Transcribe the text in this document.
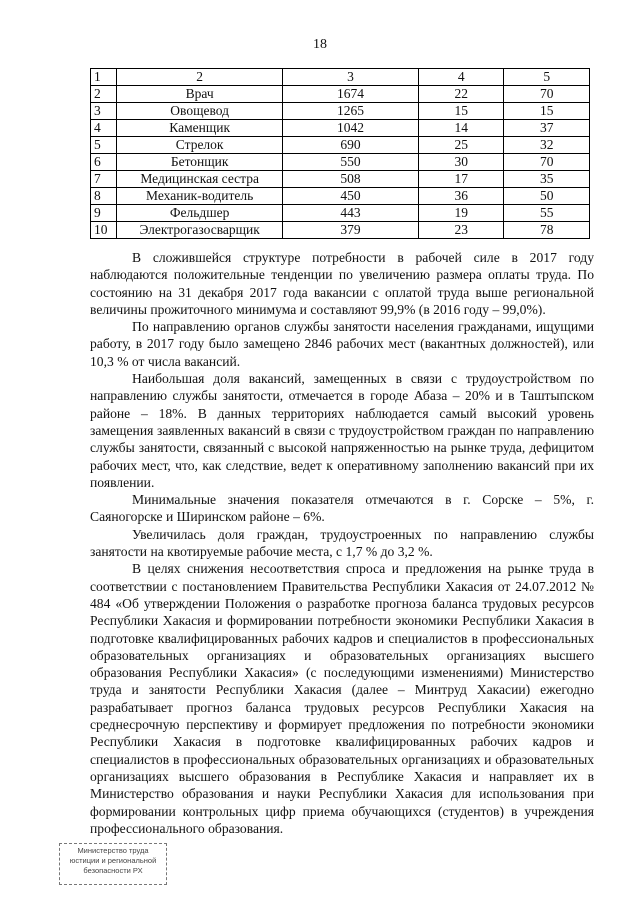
18
1	2	3	4	5
2	Врач	1674	22	70
3	Овощевод	1265	15	15
4	Каменщик	1042	14	37
5	Стрелок	690	25	32
6	Бетонщик	550	30	70
7	Медицинская сестра	508	17	35
8	Механик-водитель	450	36	50
9	Фельдшер	443	19	55
10	Электрогазосварщик	379	23	78

В сложившейся структуре потребности в рабочей силе в 2017 году наблюдаются положительные тенденции по увеличению размера оплаты труда. По состоянию на 31 декабря 2017 года вакансии с оплатой труда выше региональной величины прожиточного минимума и составляют 99,9% (в 2016 году – 99,0%).

По направлению органов службы занятости населения гражданами, ищущими работу, в 2017 году было замещено 2846 рабочих мест (вакантных должностей), или 10,3 % от числа вакансий.

Наибольшая доля вакансий, замещенных в связи с трудоустройством по направлению службы занятости, отмечается в городе Абаза – 20% и в Таштыпском районе – 18%. В данных территориях наблюдается самый высокий уровень замещения заявленных вакансий в связи с трудоустройством граждан по направлению службы занятости, связанный с высокой напряженностью на рынке труда, дефицитом рабочих мест, что, как следствие, ведет к оперативному заполнению вакансий при их появлении.

Минимальные значения показателя отмечаются в г. Сорске – 5%, г. Саяногорске и Ширинском районе – 6%.

Увеличилась доля граждан, трудоустроенных по направлению службы занятости на квотируемые рабочие места, с 1,7 % до 3,2 %.

В целях снижения несоответствия спроса и предложения на рынке труда в соответствии с постановлением Правительства Республики Хакасия от 24.07.2012 № 484 «Об утверждении Положения о разработке прогноза баланса трудовых ресурсов Республики Хакасия и формировании потребности экономики Республики Хакасия в подготовке квалифицированных рабочих кадров и специалистов в профессиональных образовательных организациях и образовательных организациях высшего образования Республики Хакасия» (с последующими изменениями) Министерство труда и занятости Республики Хакасия (далее – Минтруд Хакасии) ежегодно разрабатывает прогноз баланса трудовых ресурсов Республики Хакасия на среднесрочную перспективу и формирует предложения по потребности экономики Республики Хакасия в подготовке квалифицированных рабочих кадров и специалистов в профессиональных образовательных организациях и образовательных организациях высшего образования в Республике Хакасия и направляет их в Министерство образования и науки Республики Хакасия для использования при формировании контрольных цифр приема обучающихся (студентов) в учреждения профессионального образования.

Министерство труда
юстиции и региональной
безопасности РХ
